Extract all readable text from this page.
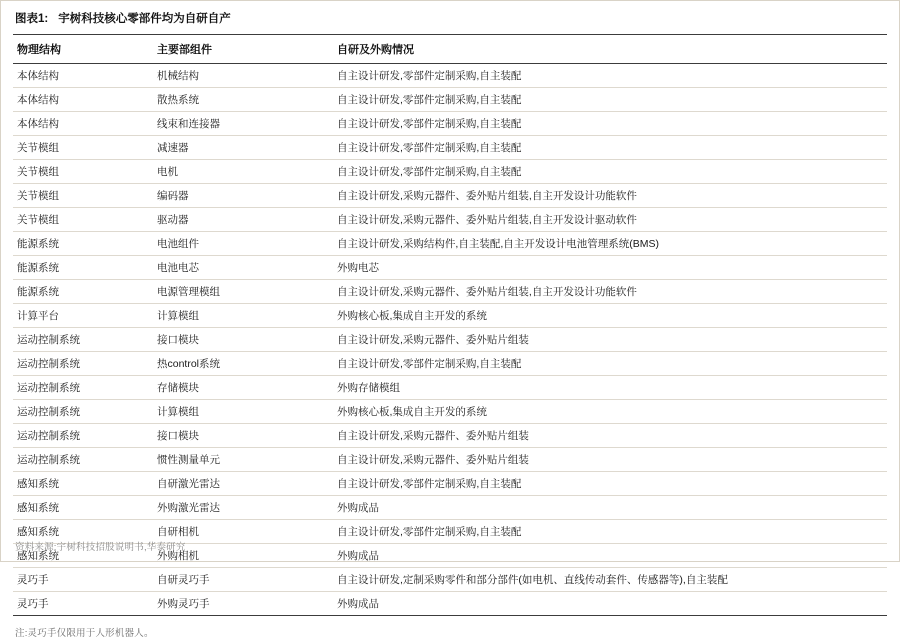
图表1: 宇树科技核心零部件均为自研自产
物理结构	主要部组件	自研及外购情况
本体结构	机械结构	自主设计研发,零部件定制采购,自主装配
本体结构	散热系统	自主设计研发,零部件定制采购,自主装配
本体结构	线束和连接器	自主设计研发,零部件定制采购,自主装配
关节模组	减速器	自主设计研发,零部件定制采购,自主装配
关节模组	电机	自主设计研发,零部件定制采购,自主装配
关节模组	编码器	自主设计研发,采购元器件、委外贴片组装,自主开发设计功能软件
关节模组	驱动器	自主设计研发,采购元器件、委外贴片组装,自主开发设计驱动软件
能源系统	电池组件	自主设计研发,采购结构件,自主装配,自主开发设计电池管理系统(BMS)
能源系统	电池电芯	外购电芯
能源系统	电源管理模组	自主设计研发,采购元器件、委外贴片组装,自主开发设计功能软件
计算平台	计算模组	外购核心板,集成自主开发的系统
运动控制系统	接口模块	自主设计研发,采购元器件、委外贴片组装
运动控制系统	热control系统	自主设计研发,零部件定制采购,自主装配
运动控制系统	存储模块	外购存储模组
运动控制系统	计算模组	外购核心板,集成自主开发的系统
运动控制系统	接口模块	自主设计研发,采购元器件、委外贴片组装
运动控制系统	惯性测量单元	自主设计研发,采购元器件、委外贴片组装
感知系统	自研激光雷达	自主设计研发,零部件定制采购,自主装配
感知系统	外购激光雷达	外购成品
感知系统	自研相机	自主设计研发,零部件定制采购,自主装配
感知系统	外购相机	外购成品
灵巧手	自研灵巧手	自主设计研发,定制采购零件和部分部件(如电机、直线传动套件、传感器等),自主装配
灵巧手	外购灵巧手	外购成品
注:灵巧手仅限用于人形机器人。
资料来源:宇树科技招股说明书,华泰研究
